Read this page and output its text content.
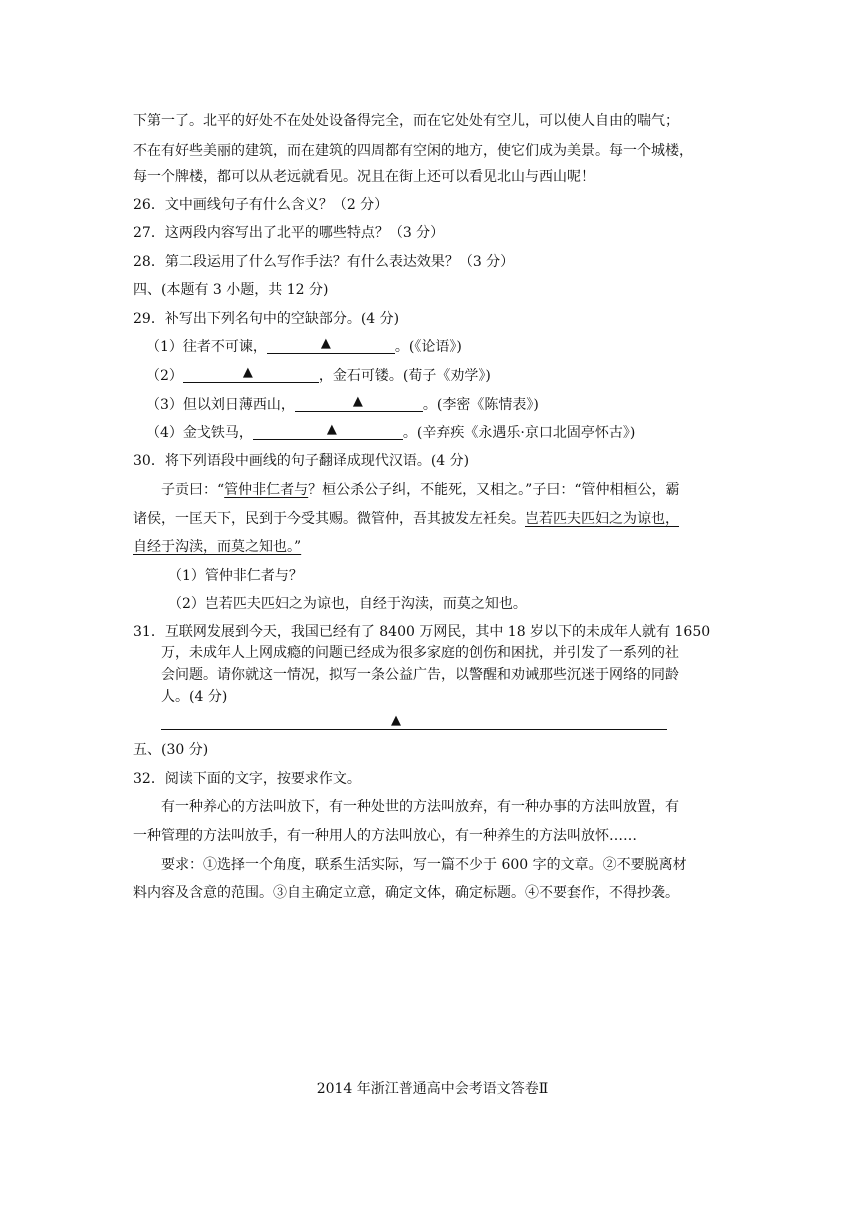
下第一了。北平的好处不在处处设备得完全，而在它处处有空儿，可以使人自由的喘气；
不在有好些美丽的建筑，而在建筑的四周都有空闲的地方，使它们成为美景。每一个城楼，
每一个牌楼，都可以从老远就看见。况且在街上还可以看见北山与西山呢！
26．文中画线句子有什么含义？（2 分）
27．这两段内容写出了北平的哪些特点？（3 分）
28．第二段运用了什么写作手法？有什么表达效果？（3 分）
四、(本题有 3 小题，共 12 分)
29．补写出下列名句中的空缺部分。(4 分)
（1）往者不可谏，	▲	。(《论语》)
（2）	▲	，金石可镂。(荀子《劝学》)
（3）但以刘日薄西山，	▲	。(李密《陈情表》)
（4）金戈铁马，	▲	。(辛弃疾《永遇乐·京口北固亭怀古》)
30．将下列语段中画线的句子翻译成现代汉语。(4 分)
子贡曰：“管仲非仁者与？桓公杀公子纠，不能死，又相之。”子曰：“管仲相桓公，霸
诸侯，一匡天下，民到于今受其赐。微管仲，吾其披发左衽矣。岂若匹夫匹妇之为谅也，
自经于沟渎，而莫之知也。”
（1）管仲非仁者与？
（2）岂若匹夫匹妇之为谅也，自经于沟渎，而莫之知也。
31．互联网发展到今天，我国已经有了 8400 万网民，其中 18 岁以下的未成年人就有 1650
万，未成年人上网成瘾的问题已经成为很多家庭的创伤和困扰，并引发了一系列的社
会问题。请你就这一情况，拟写一条公益广告，以警醒和劝诫那些沉迷于网络的同龄
人。(4 分)
▲
五、(30 分)
32．阅读下面的文字，按要求作文。
有一种养心的方法叫放下，有一种处世的方法叫放弃，有一种办事的方法叫放置，有
一种管理的方法叫放手，有一种用人的方法叫放心，有一种养生的方法叫放怀……
要求：①选择一个角度，联系生活实际，写一篇不少于 600 字的文章。②不要脱离材
料内容及含意的范围。③自主确定立意，确定文体，确定标题。④不要套作，不得抄袭。
2014 年浙江普通高中会考语文答卷Ⅱ
